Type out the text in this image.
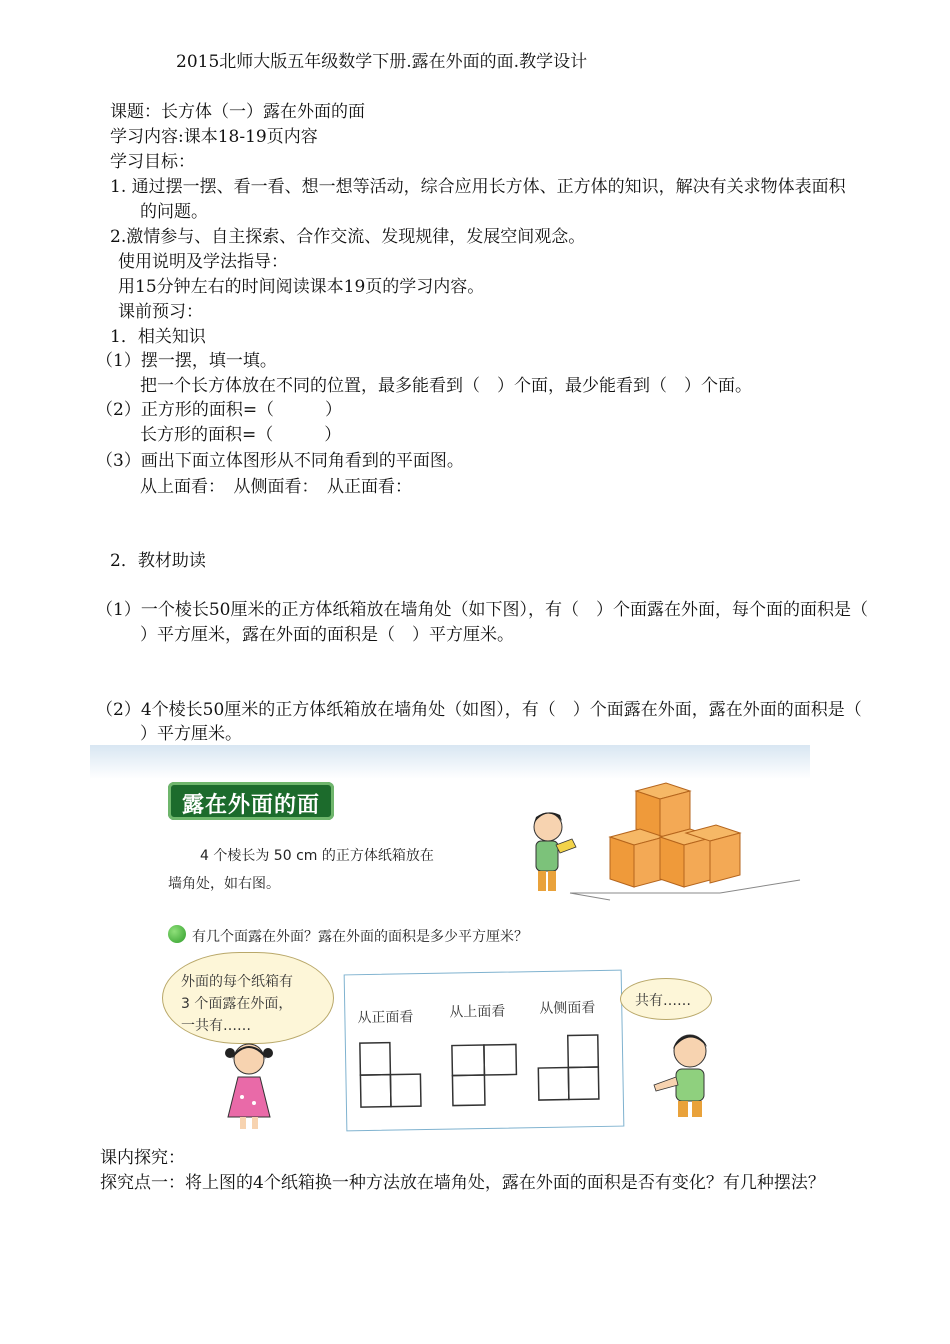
2015北师大版五年级数学下册.露在外面的面.教学设计
课题：长方体（一）露在外面的面
学习内容:课本18-19页内容
学习目标：
1. 通过摆一摆、看一看、想一想等活动，综合应用长方体、正方体的知识，解决有关求物体表面积
的问题。
2.激情参与、自主探索、合作交流、发现规律，发展空间观念。
使用说明及学法指导：
用15分钟左右的时间阅读课本19页的学习内容。
课前预习：
1．相关知识
（1）摆一摆，填一填。
把一个长方体放在不同的位置，最多能看到（　）个面，最少能看到（　）个面。
（2）正方形的面积=（　　　）
长方形的面积=（　　　）
（3）画出下面立体图形从不同角看到的平面图。
从上面看：　从侧面看：　从正面看：
2．教材助读
（1）一个棱长50厘米的正方体纸箱放在墙角处（如下图），有（　）个面露在外面，每个面的面积是（
）平方厘米，露在外面的面积是（　）平方厘米。
（2）4个棱长50厘米的正方体纸箱放在墙角处（如图），有（　）个面露在外面，露在外面的面积是（
）平方厘米。
露在外面的面
4 个棱长为 50 cm 的正方体纸箱放在
墙角处，如右图。
有几个面露在外面？露在外面的面积是多少平方厘米？
外面的每个纸箱有
3 个面露在外面，
一共有……	从正面看	从上面看 从侧面看	共有……
课内探究：
探究点一：将上图的4个纸箱换一种方法放在墙角处，露在外面的面积是否有变化？有几种摆法？
